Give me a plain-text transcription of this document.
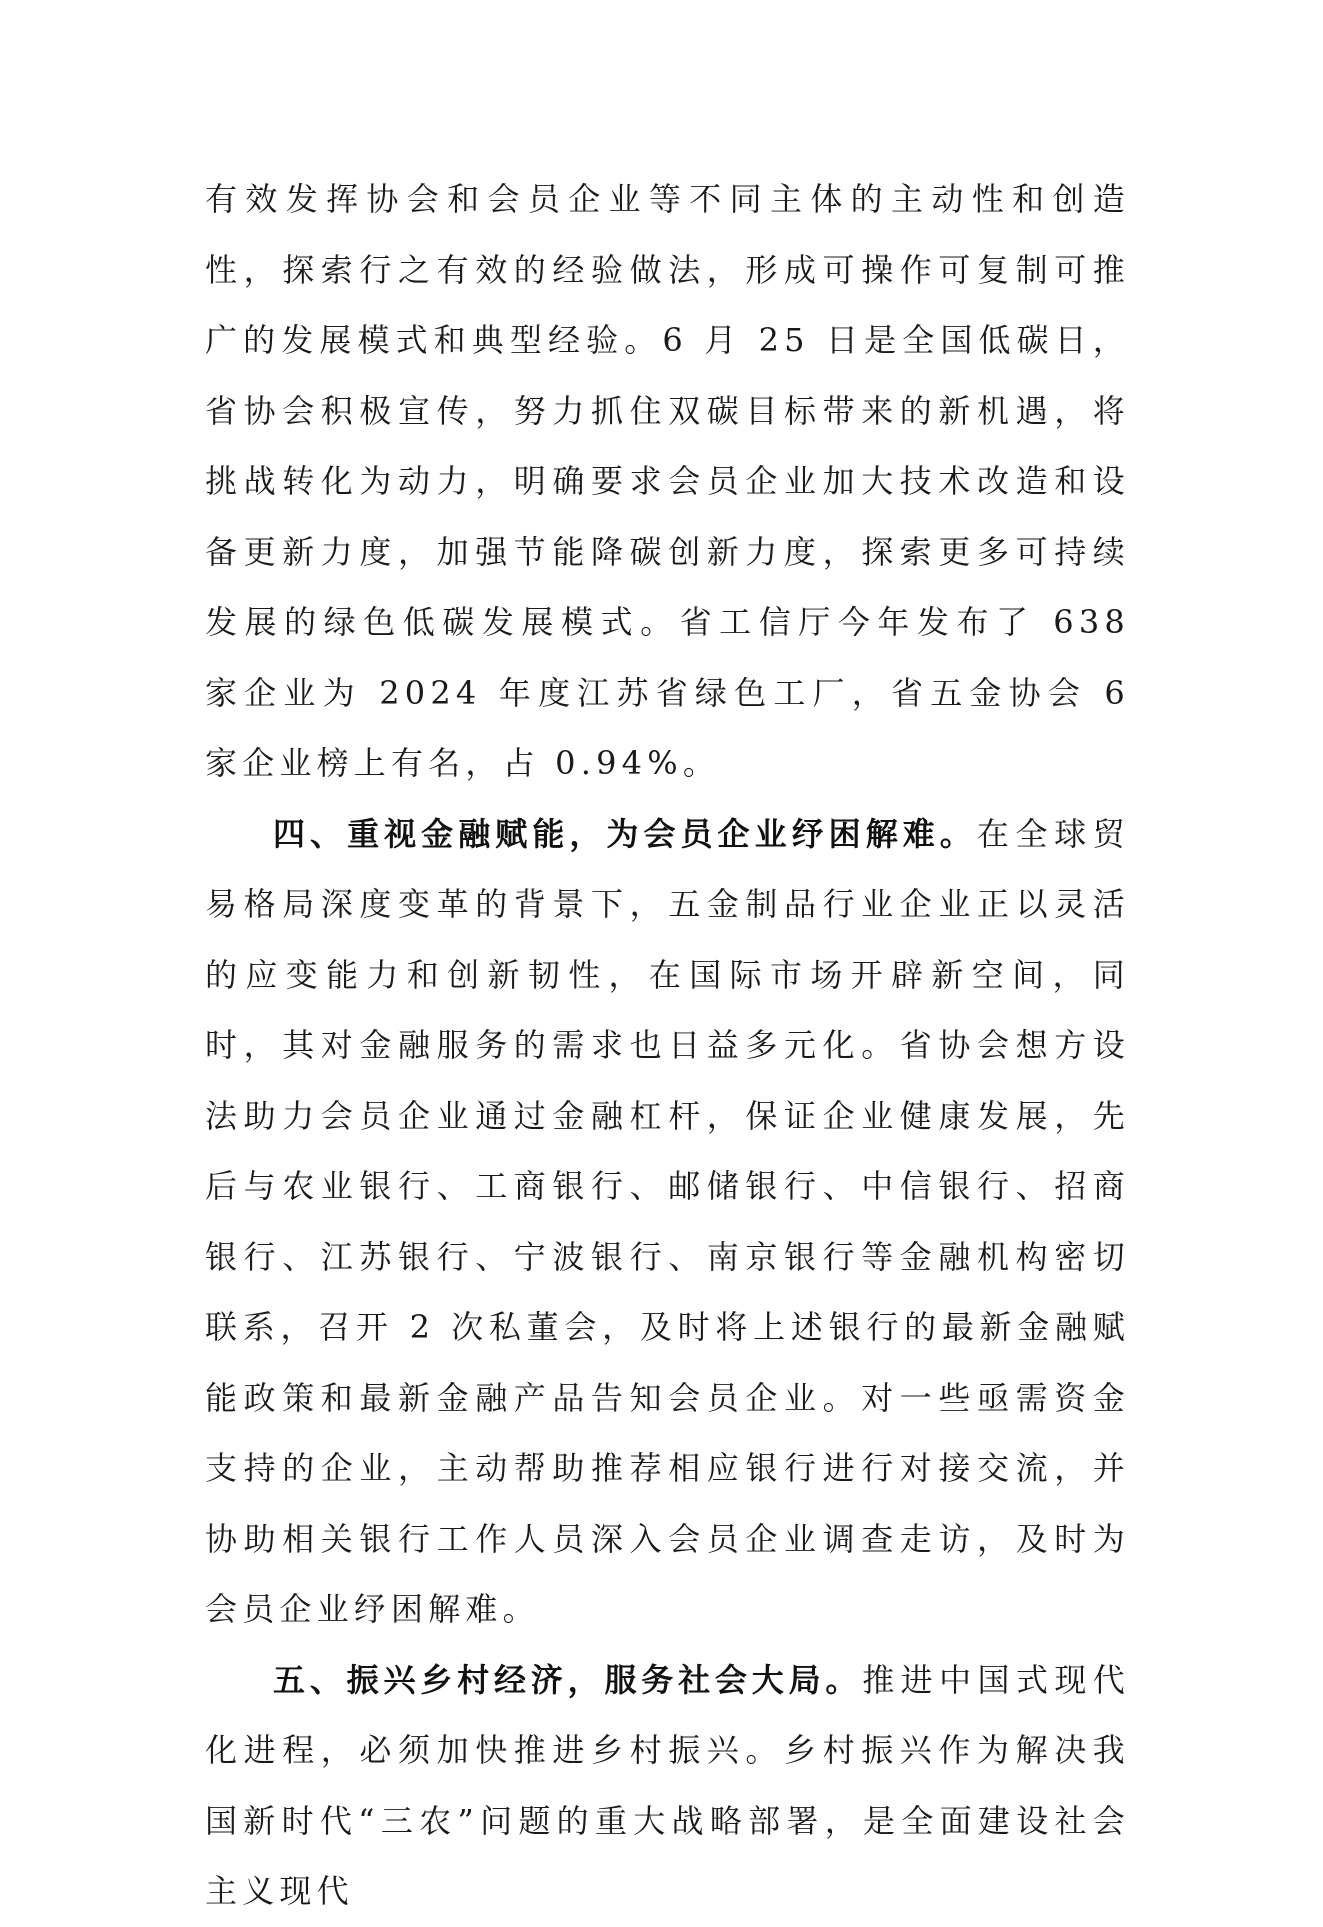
有效发挥协会和会员企业等不同主体的主动性和创造性，探索行之有效的经验做法，形成可操作可复制可推广的发展模式和典型经验。6 月 25 日是全国低碳日，省协会积极宣传，努力抓住双碳目标带来的新机遇，将挑战转化为动力，明确要求会员企业加大技术改造和设备更新力度，加强节能降碳创新力度，探索更多可持续发展的绿色低碳发展模式。省工信厅今年发布了 638 家企业为 2024 年度江苏省绿色工厂，省五金协会 6 家企业榜上有名，占 0.94%。

四、重视金融赋能，为会员企业纾困解难。在全球贸易格局深度变革的背景下，五金制品行业企业正以灵活的应变能力和创新韧性，在国际市场开辟新空间，同时，其对金融服务的需求也日益多元化。省协会想方设法助力会员企业通过金融杠杆，保证企业健康发展，先后与农业银行、工商银行、邮储银行、中信银行、招商银行、江苏银行、宁波银行、南京银行等金融机构密切联系，召开 2 次私董会，及时将上述银行的最新金融赋能政策和最新金融产品告知会员企业。对一些亟需资金支持的企业，主动帮助推荐相应银行进行对接交流，并协助相关银行工作人员深入会员企业调查走访，及时为会员企业纾困解难。

五、振兴乡村经济，服务社会大局。推进中国式现代化进程，必须加快推进乡村振兴。乡村振兴作为解决我国新时代“三农”问题的重大战略部署，是全面建设社会主义现代
